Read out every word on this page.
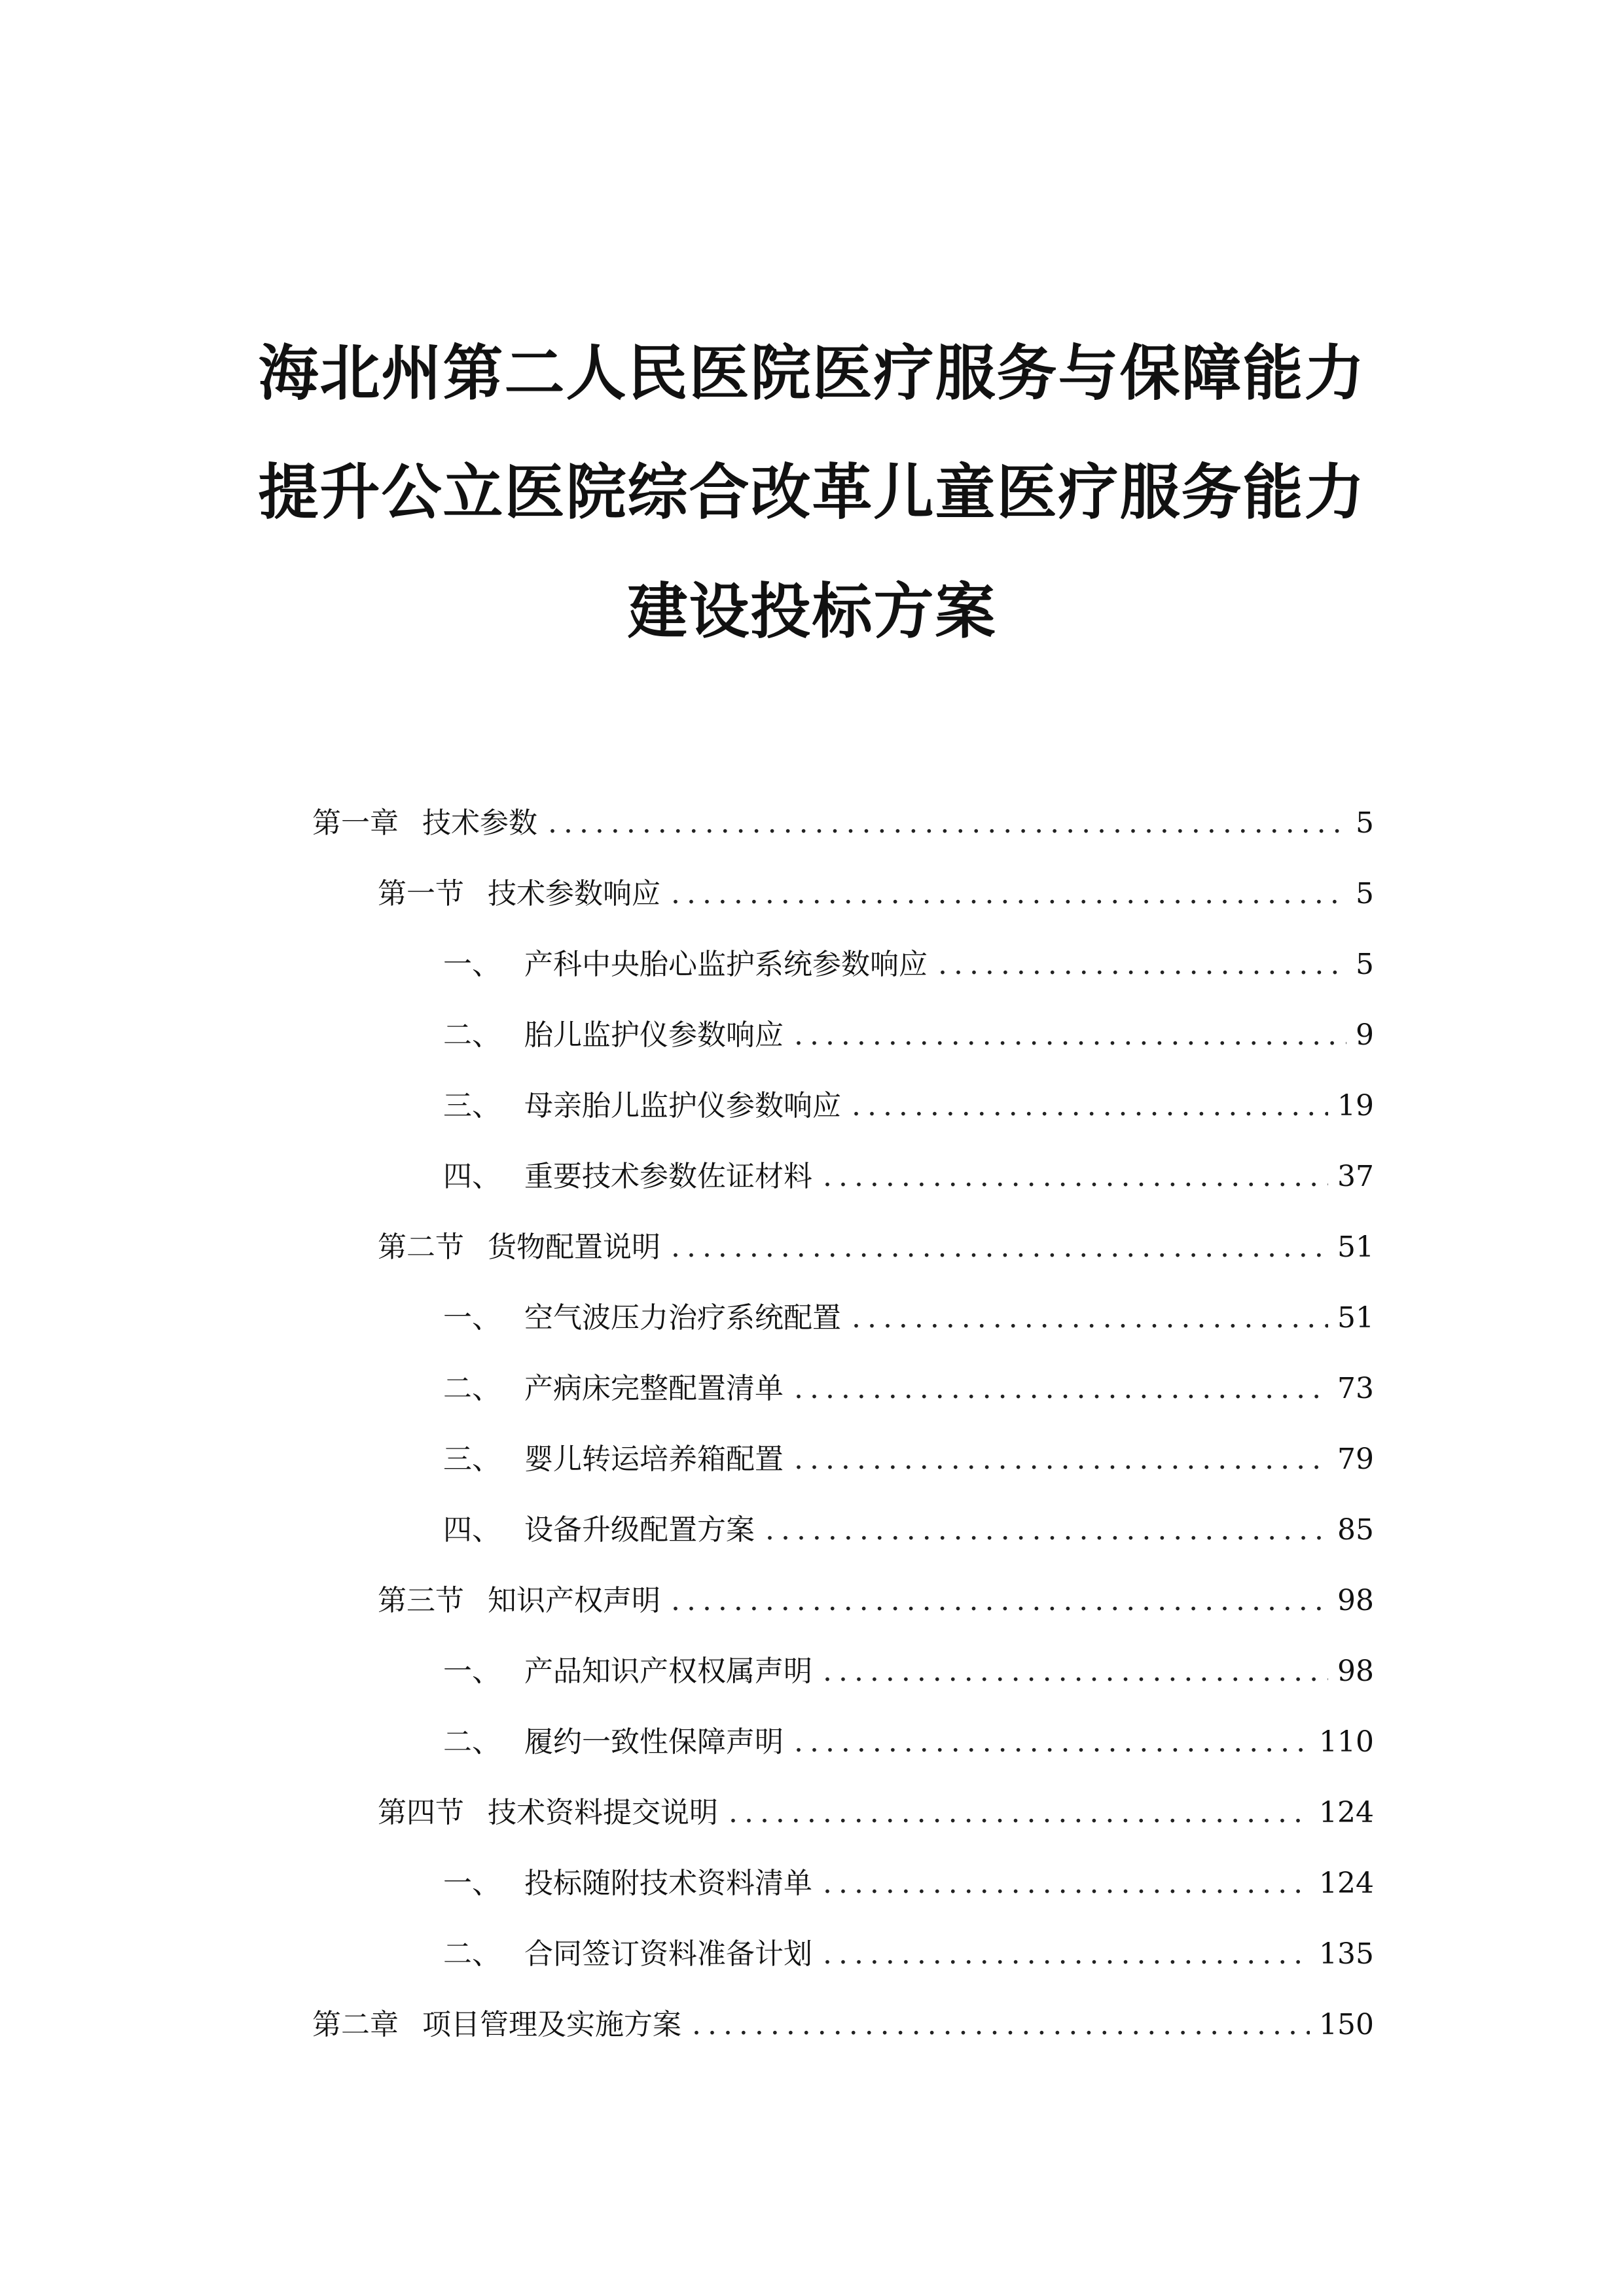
海北州第二人民医院医疗服务与保障能力
提升公立医院综合改革儿童医疗服务能力
建设投标方案
第一章 技术参数 . . .	5
第一节 技术参数响应 . . .	5
一、 产科中央胎心监护系统参数响应 . . .	5
二、 胎儿监护仪参数响应 . . .	9
三、 母亲胎儿监护仪参数响应 . . .	19
四、 重要技术参数佐证材料 . . .	37
第二节 货物配置说明 . . .	51
一、 空气波压力治疗系统配置 . . .	51
二、 产病床完整配置清单 . . .	73
三、 婴儿转运培养箱配置 . . .	79
四、 设备升级配置方案 . . .	85
第三节 知识产权声明 . . .	98
一、 产品知识产权权属声明 . . .	98
二、 履约一致性保障声明 . . .	110
第四节 技术资料提交说明 . . .	124
一、 投标随附技术资料清单 . . .	124
二、 合同签订资料准备计划 . . .	135
第二章 项目管理及实施方案 . . .	150
